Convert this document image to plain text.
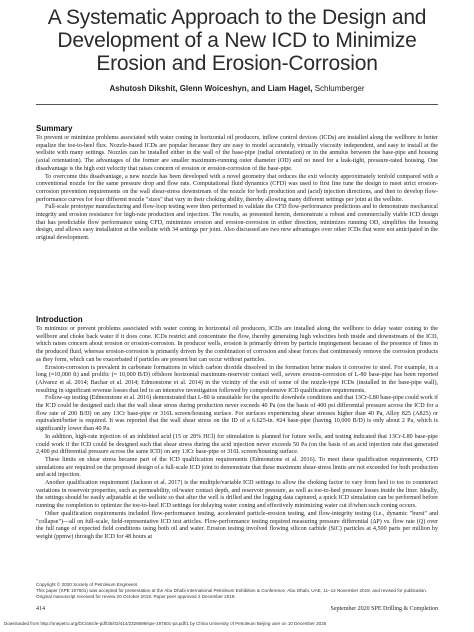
A Systematic Approach to the Design and
Development of a New ICD to Minimize
Erosion and Erosion-Corrosion
Ashutosh Dikshit, Glenn Woiceshyn, and Liam Hagel, Schlumberger
Summary

To prevent or minimize problems associated with water coning in horizontal oil producers, inflow control devices (ICDs) are installed along the wellbore to better equalize the toe-to-heel flux. Nozzle-based ICDs are popular because they are easy to model accurately, virtually viscosity independent, and easy to install at the wellsite with many settings. Nozzles can be installed either in the wall of the base-pipe (radial orientation) or in the annulus between the base-pipe and housing (axial orientation). The advantages of the former are smaller maximum-running outer diameter (OD) and no need for a leak-tight, pressure-rated housing. One disadvantage is the high exit velocity that raises concern of erosion or erosion-corrosion of the base-pipe.

To overcome this disadvantage, a new nozzle has been developed with a novel geometry that reduces the exit velocity approximately tenfold compared with a conventional nozzle for the same pressure drop and flow rate. Computational fluid dynamics (CFD) was used to first fine tune the design to meet strict erosion-corrosion prevention requirements on the wall shear-stress downstream of the nozzle for both production and (acid) injection directions, and then to develop flow-performance curves for four different nozzle "sizes" that vary in their choking ability, thereby allowing many different settings per joint at the wellsite.

Full-scale prototype manufacturing and flow-loop testing were then performed to validate the CFD flow-performance predictions and to demonstrate mechanical integrity and erosion resistance for high-rate production and injection. The results, as presented herein, demonstrate a robust and commercially viable ICD design that has predictable flow performance using CFD, minimizes erosion and erosion-corrosion in either direction, minimizes running OD, simplifies the housing design, and allows easy installation at the wellsite with 34 settings per joint. Also discussed are two new advantages over other ICDs that were not anticipated in the original development.

Introduction

To minimize or prevent problems associated with water coning in horizontal oil producers, ICDs are installed along the wellbore to delay water coning to the wellbore and choke back water if it does cone. ICDs restrict and concentrate the flow, thereby generating high velocities both inside and downstream of the ICD, which raises concern about erosion or erosion-corrosion. In producer wells, erosion is primarily driven by particle impingement because of the presence of fines in the produced fluid, whereas erosion-corrosion is primarily driven by the combination of corrosion and shear forces that continuously remove the corrosion products as they form, which can be exacerbated if particles are present but can occur without particles.

Erosion-corrosion is prevalent in carbonate formations in which carbon dioxide dissolved in the formation brine makes it corrosive to steel. For example, in a long (≈10,000 ft) and prolific (≈ 10,000 B/D) offshore horizontal maximum-reservoir contact well, severe erosion-corrosion of L-80 base-pipe has been reported (Alvarez et al. 2014; Bachar et al. 2014; Edmonstone et al. 2014) in the vicinity of the exit of some of the nozzle-type ICDs (installed in the base-pipe wall), resulting in significant revenue losses that led to an intensive investigation followed by comprehensive ICD qualification requirements.

Follow-up testing (Edmonstone et al. 2016) demonstrated that L-80 is unsuitable for the specific downhole conditions and that 13Cr-L80 base-pipe could work if the ICD could be designed such that the wall shear stress during production never exceeds 40 Pa (on the basis of 400 psi differential pressure across the ICD for a flow rate of 200 B/D) on any 13Cr base-pipe or 316L screen/housing surface. For surfaces experiencing shear stresses higher than 40 Pa, Alloy 825 (A825) or equivalent/better is required. It was reported that the wall shear stress on the ID of a 6.625-in. #24 base-pipe (having 10,000 B/D) is only about 2 Pa, which is significantly lower than 40 Pa.

In addition, high-rate injection of an inhibited acid (15 or 28% HCl) for stimulation is planned for future wells, and testing indicated that 13Cr-L80 base-pipe could work if the ICD could be designed such that shear stress during the acid injection never exceeds 50 Pa (on the basis of an acid injection rate that generated 2,400 psi differential pressure across the same ICD) on any 13Cr base-pipe or 316L screen/housing surface.

These limits on shear stress became part of the ICD qualification requirements (Edmonstone et al. 2016). To meet these qualification requirements, CFD simulations are required on the proposed design of a full-scale ICD joint to demonstrate that these maximum shear-stress limits are not exceeded for both production and acid injection.

Another qualification requirement (Jackson et al. 2017) is the multiple/variable ICD settings to allow the choking factor to vary from heel to toe to counteract variations in reservoir properties, such as permeability, oil/water contact depth, and reservoir pressure, as well as toe-to-heel pressure losses inside the liner. Ideally, the settings should be easily adjustable at the wellsite so that after the well is drilled and the logging data captured, a quick ICD simulation can be performed before running the completion to optimize the toe-to-heel ICD settings for delaying water coning and effectively minimizing water cut if/when such coning occurs.

Other qualification requirements included flow-performance testing, accelerated particle-erosion testing, and flow-integrity testing (i.e., dynamic "burst" and "collapse")—all on full-scale, field-representative ICD test articles. Flow-performance testing required measuring pressure differential (ΔP) vs. flow rate (Q) over the full range of expected field conditions using both oil and water. Erosion testing involved flowing silicon carbide (SiC) particles at 4,500 parts per million by weight (ppmw) through the ICD for 48 hours at

Copyright © 2020 Society of Petroleum Engineers
This paper (SPE 197601) was accepted for presentation at the Abu Dhabi International Petroleum Exhibition & Conference, Abu Dhabi, UAE, 11–14 November 2019, and revised for publication. Original manuscript received for review 20 October 2019. Paper peer approved 2 December 2019.
414	September 2020 SPE Drilling & Completion
Downloaded from http://onepetro.org/DC/article-pdf/35/03/414/2328698/spe-197601-pa.pdf/1 by China University of Petroleum Beijing user on 10 December 2025
